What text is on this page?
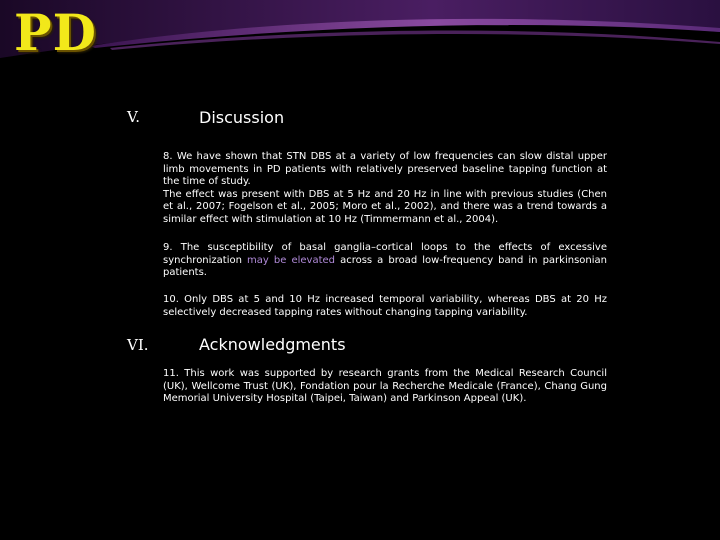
PD
V.	Discussion
8. We have shown that STN DBS at a variety of low frequencies can slow distal upper limb movements in PD patients with relatively preserved baseline tapping function at the time of study.
The effect was present with DBS at 5 Hz and 20 Hz in line with previous studies (Chen et al., 2007; Fogelson et al., 2005; Moro et al., 2002), and there was a trend towards a similar effect with stimulation at 10 Hz (Timmermann et al., 2004).
9. The susceptibility of basal ganglia–cortical loops to the effects of excessive synchronization may be elevated across a broad low-frequency band in parkinsonian patients.
10. Only DBS at 5 and 10 Hz increased temporal variability, whereas DBS at 20 Hz selectively decreased tapping rates without changing tapping variability.
VI.	Acknowledgments
11. This work was supported by research grants from the Medical Research Council (UK), Wellcome Trust (UK), Fondation pour la Recherche Medicale (France), Chang Gung Memorial University Hospital (Taipei, Taiwan) and Parkinson Appeal (UK).
